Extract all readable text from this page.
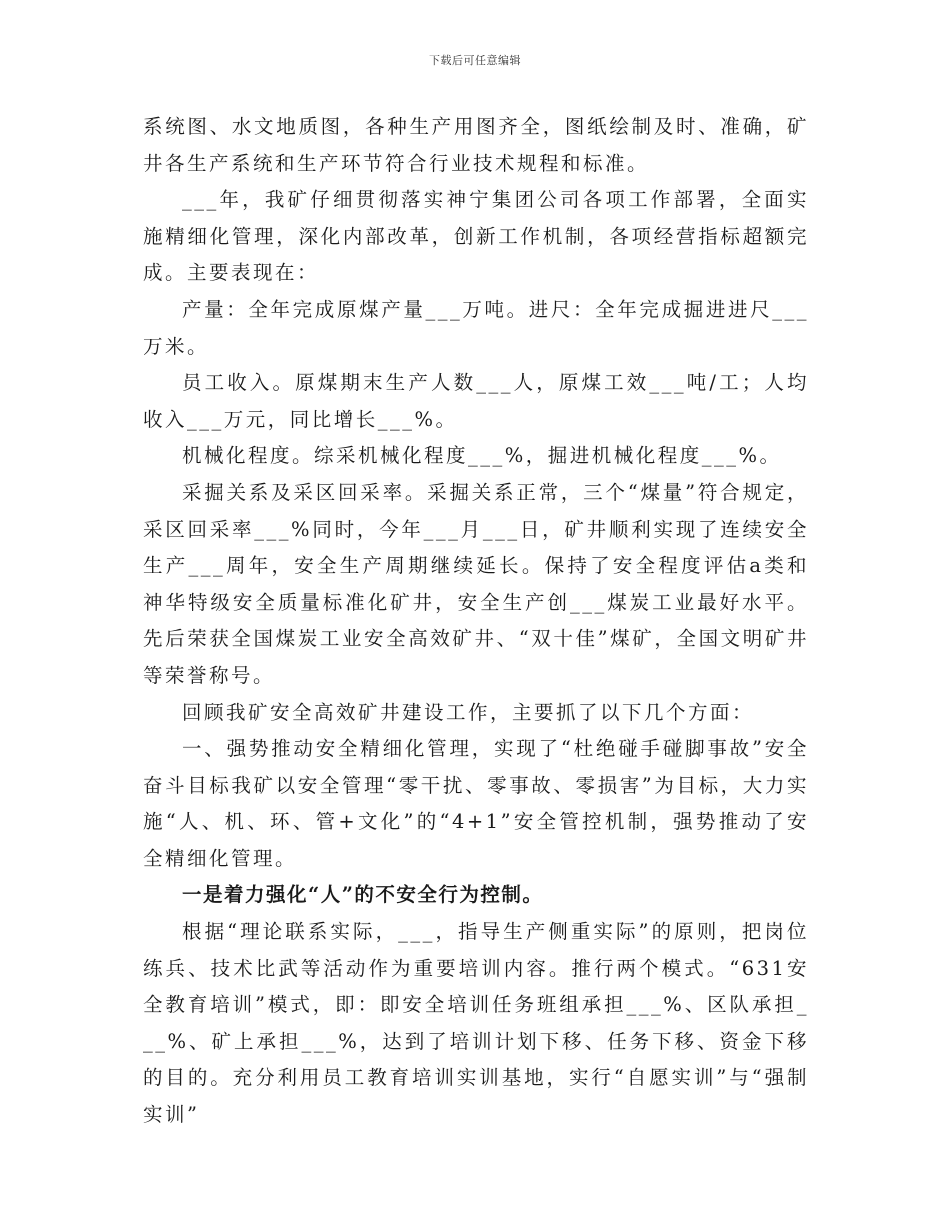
下载后可任意编辑

系统图、水文地质图，各种生产用图齐全，图纸绘制及时、准确，矿井各生产系统和生产环节符合行业技术规程和标准。

___年，我矿仔细贯彻落实神宁集团公司各项工作部署，全面实施精细化管理，深化内部改革，创新工作机制，各项经营指标超额完成。主要表现在：

产量：全年完成原煤产量___万吨。进尺：全年完成掘进进尺___万米。

员工收入。原煤期末生产人数___人，原煤工效___吨/工；人均收入___万元，同比增长___%。

机械化程度。综采机械化程度___%，掘进机械化程度___%。

采掘关系及采区回采率。采掘关系正常，三个“煤量”符合规定，采区回采率___%同时，今年___月___日，矿井顺利实现了连续安全生产___周年，安全生产周期继续延长。保持了安全程度评估a类和神华特级安全质量标准化矿井，安全生产创___煤炭工业最好水平。先后荣获全国煤炭工业安全高效矿井、“双十佳”煤矿，全国文明矿井等荣誉称号。

回顾我矿安全高效矿井建设工作，主要抓了以下几个方面：

一、强势推动安全精细化管理，实现了“杜绝碰手碰脚事故”安全奋斗目标我矿以安全管理“零干扰、零事故、零损害”为目标，大力实施“人、机、环、管+文化”的“4+1”安全管控机制，强势推动了安全精细化管理。

一是着力强化“人”的不安全行为控制。

根据“理论联系实际，___，指导生产侧重实际”的原则，把岗位练兵、技术比武等活动作为重要培训内容。推行两个模式。“631安全教育培训”模式，即：即安全培训任务班组承担___%、区队承担___%、矿上承担___%，达到了培训计划下移、任务下移、资金下移的目的。充分利用员工教育培训实训基地，实行“自愿实训”与“强制实训”
